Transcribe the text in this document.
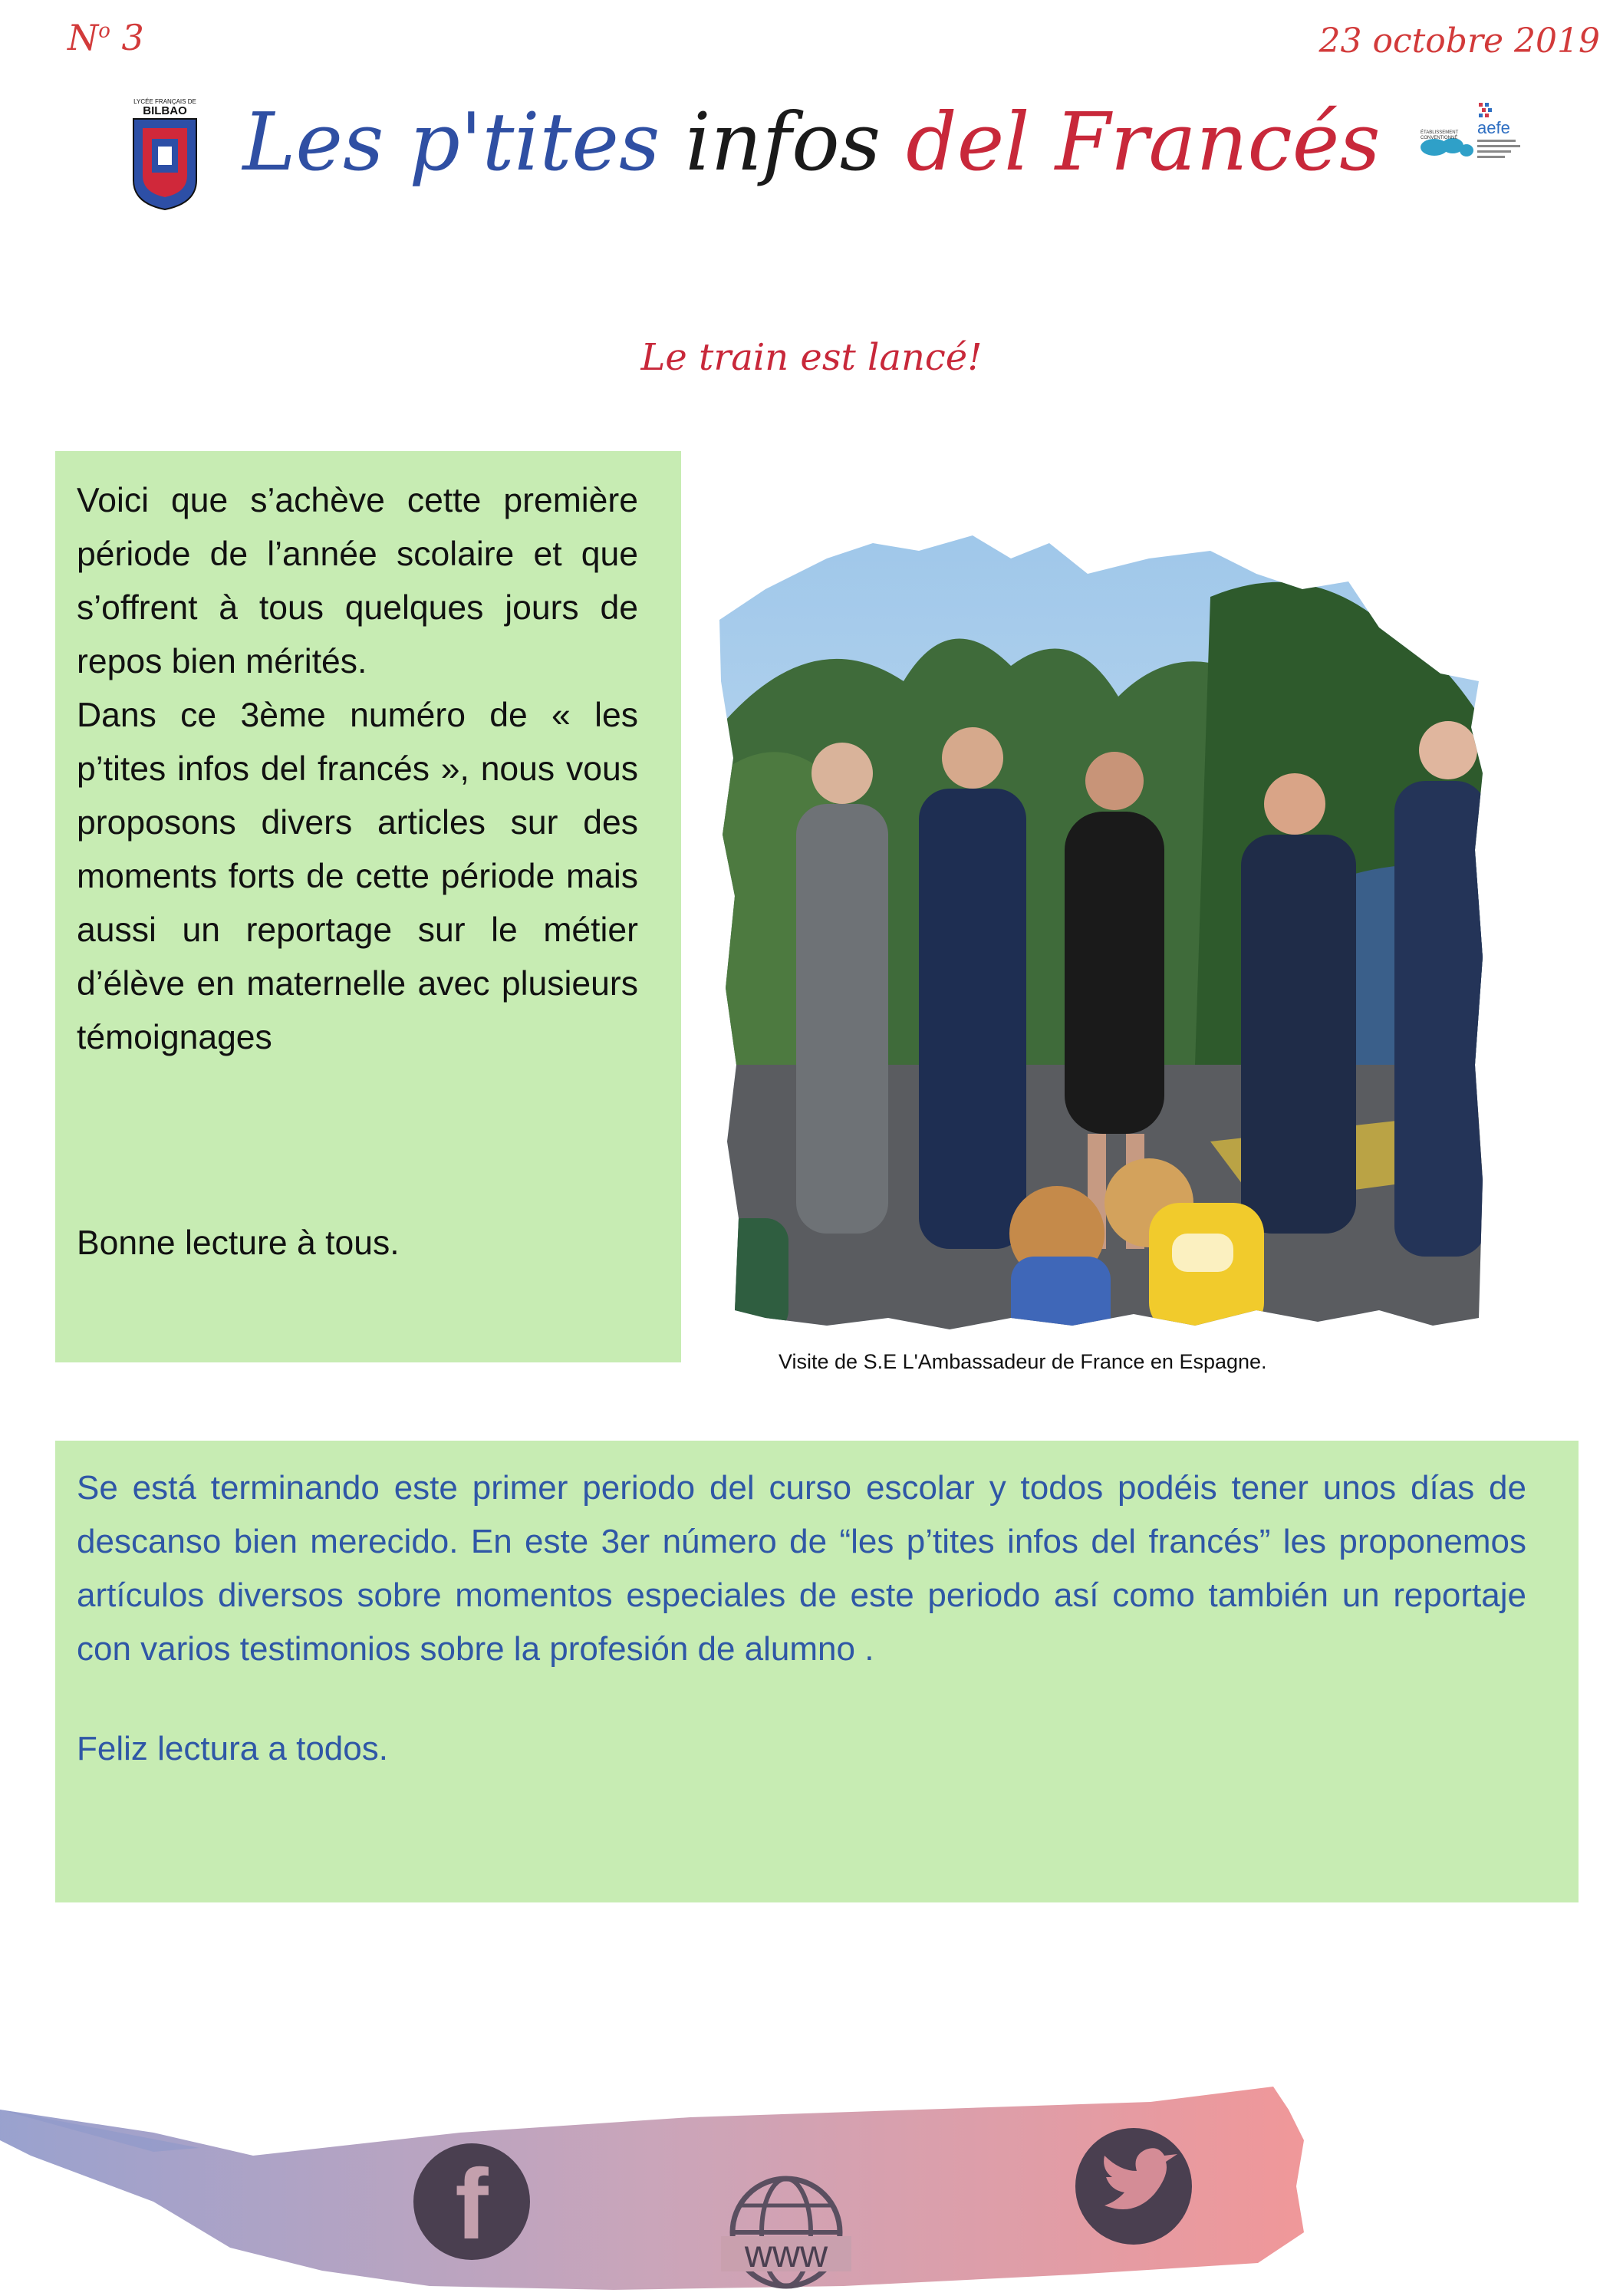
$N^o$ 3	23 octobre 2019
LYCÉE FRANÇAIS DE
BILBAO Les p'tites infos del Francés	ÉTABLISSEMENT
CONVENTIONNÉ
aefe
Le train est lancé!

Voici que s’achève cette première période de l’année scolaire et que s’offrent à tous quelques jours de repos bien mérités.

Dans ce 3ème numéro de « les p’tites infos del francés », nous vous proposons divers articles sur des moments forts de cette période mais aussi un reportage sur le métier d’élève en maternelle avec plusieurs témoignages

Bonne lecture à tous.
Visite de S.E L'Ambassadeur de France en Espagne.

Se está terminando este primer periodo del curso escolar y todos podéis tener unos días de descanso bien merecido. En este 3er número de “les p’tites infos del francés” les proponemos artículos diversos sobre momentos especiales de este periodo así como también un reportaje con varios testimonios sobre la profesión de alumno .

Feliz lectura a todos.
f	www
